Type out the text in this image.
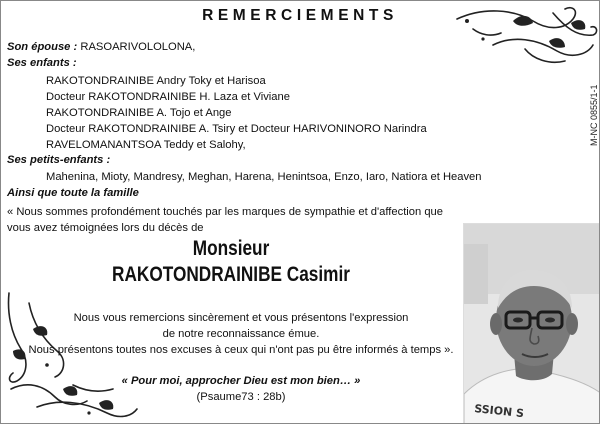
REMERCIEMENTS
Son épouse : RASOARIVOLOLONA,
Ses enfants :
RAKOTONDRAINIBE Andry Toky et Harisoa
Docteur RAKOTONDRAINIBE H. Laza et Viviane
RAKOTONDRAINIBE A. Tojo et Ange
Docteur RAKOTONDRAINIBE A. Tsiry et Docteur HARIVONINORO Narindra
RAVELOMANANTSOA Teddy et Salohy,
Ses petits-enfants :
Mahenina, Mioty, Mandresy, Meghan, Harena, Henintsoa, Enzo, Iaro, Natiora et Heaven
Ainsi que toute la famille
« Nous sommes profondément touchés par les marques de sympathie et d'affection que vous avez témoignées lors du décès de
Monsieur
RAKOTONDRAINIBE Casimir
Nous vous remercions sincèrement et vous présentons l'expression
de notre reconnaissance émue.
Nous présentons toutes nos excuses à ceux qui n'ont pas pu être informés à temps ».
« Pour moi, approcher Dieu est mon bien… »
(Psaume73 : 28b)
M-NC 0855/1-1
SSION S
